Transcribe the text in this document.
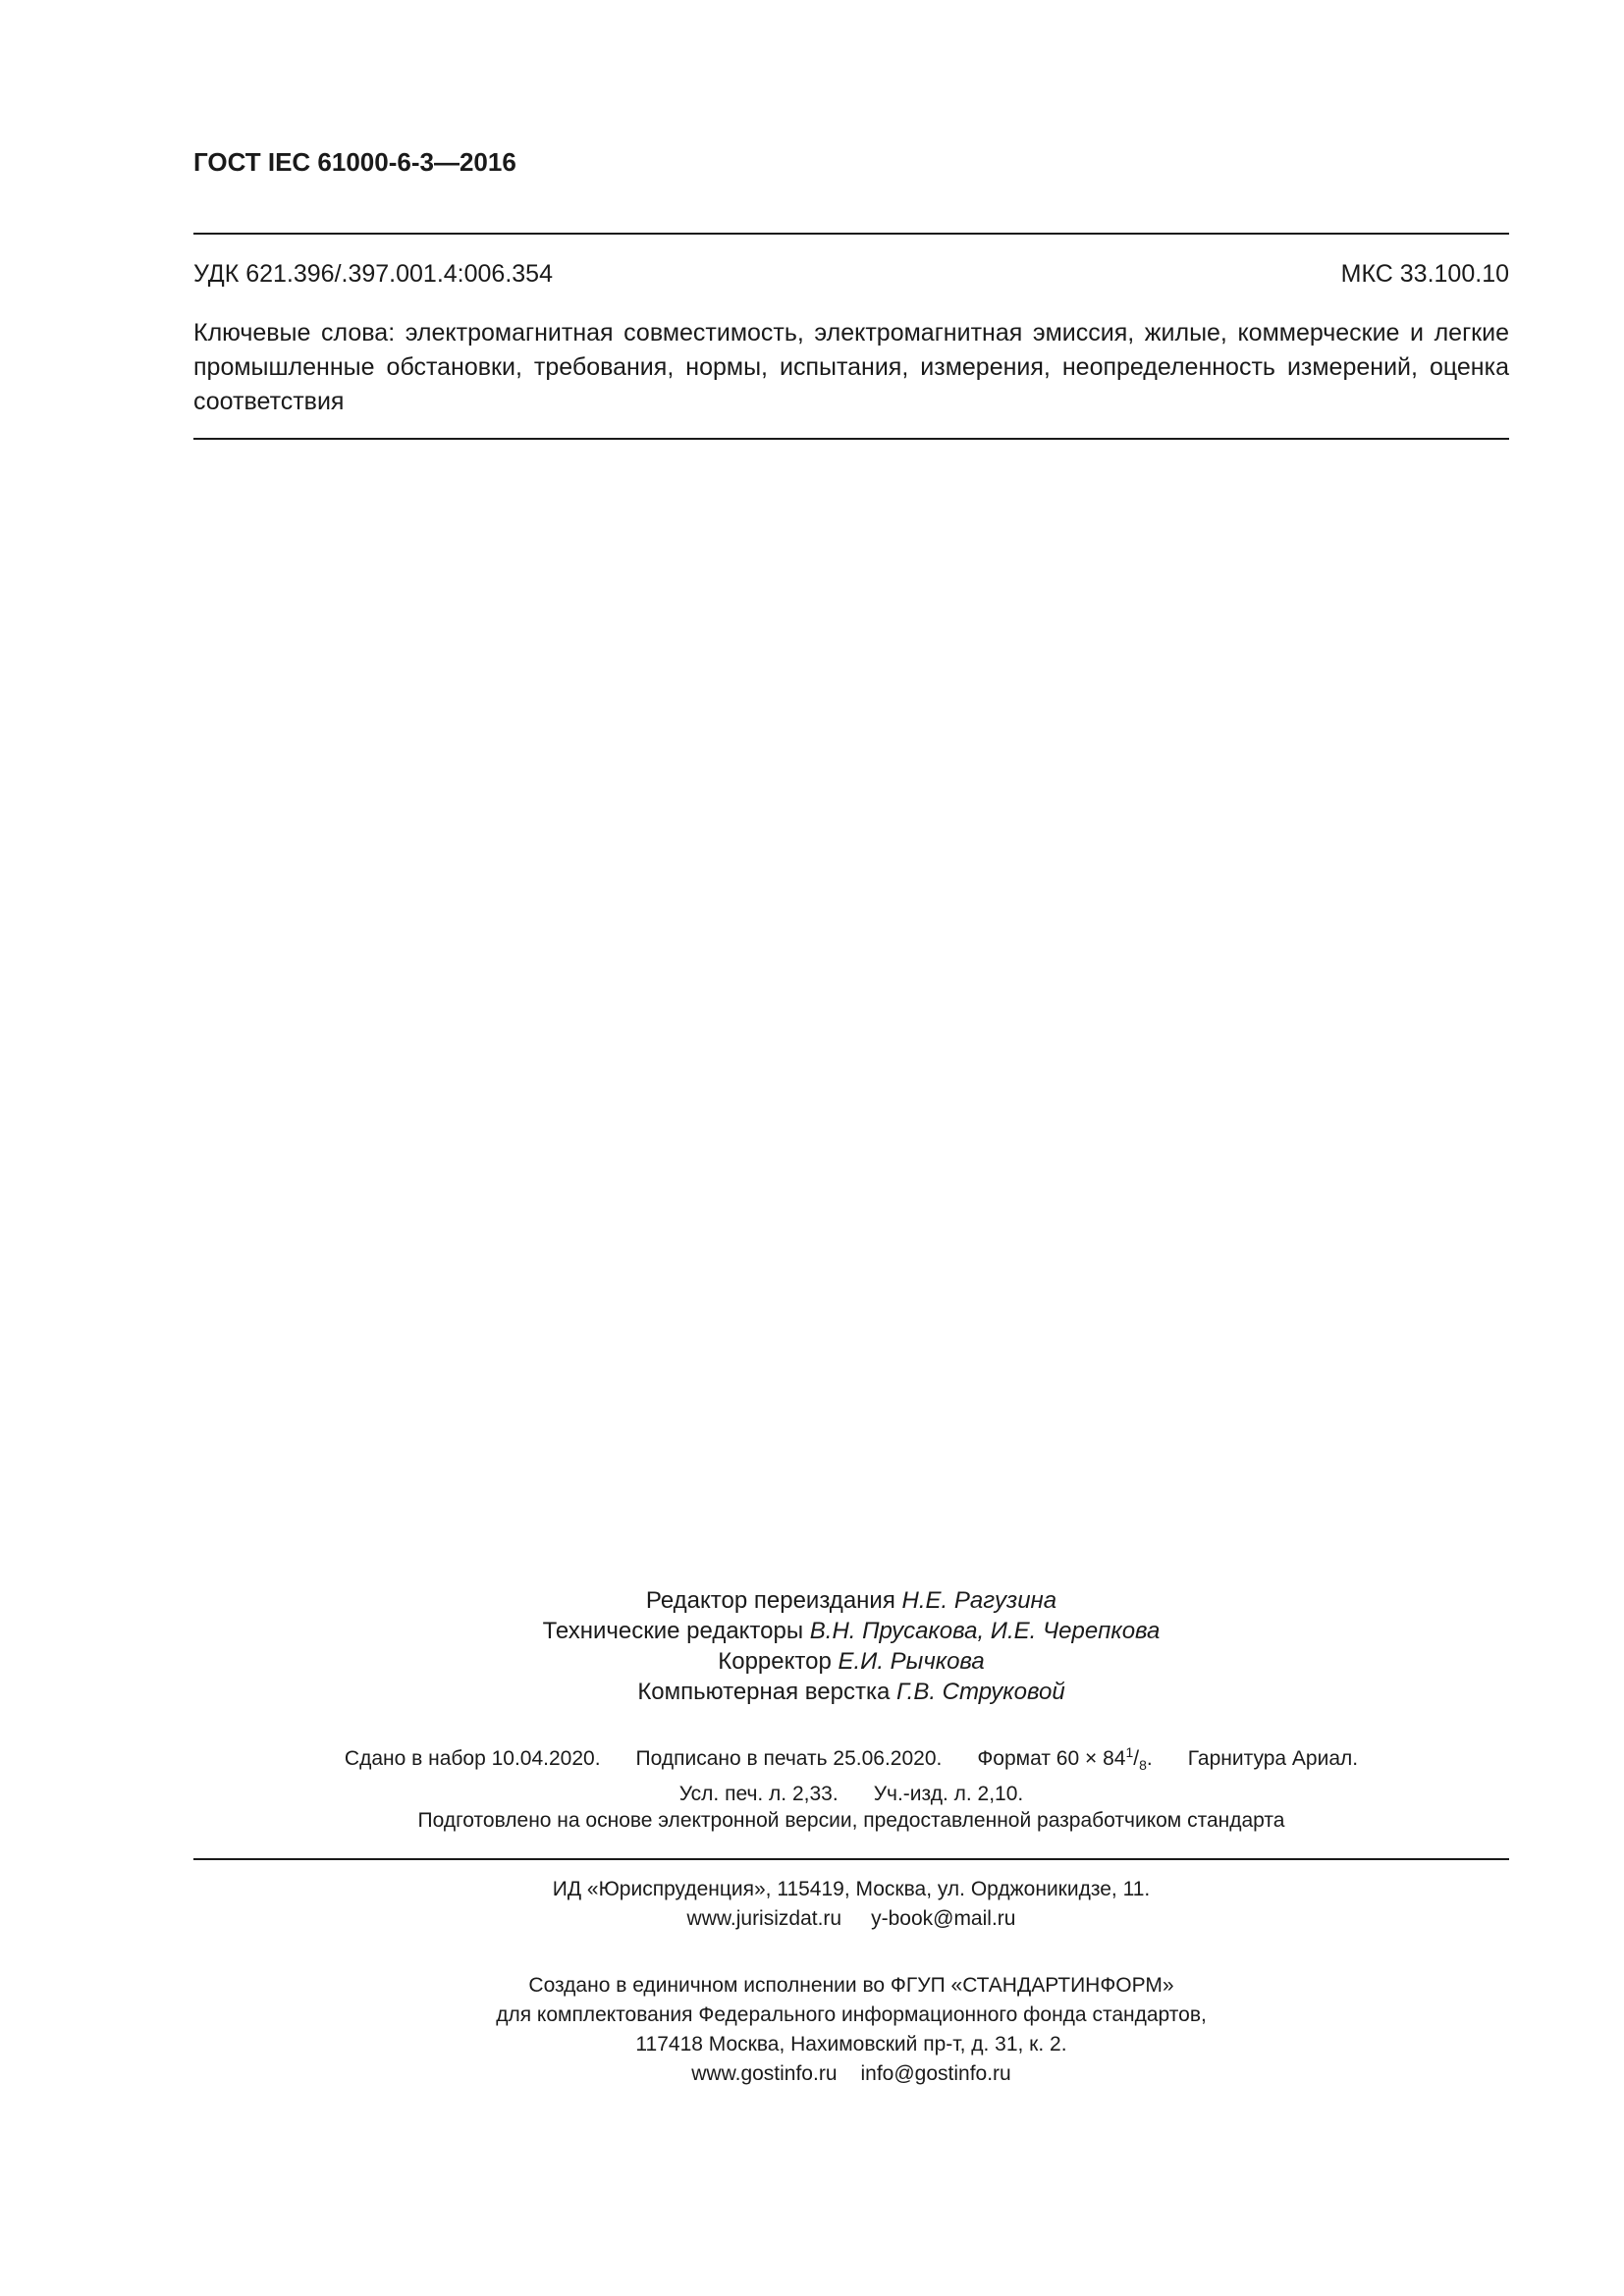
ГОСТ IEC 61000-6-3—2016
УДК 621.396/.397.001.4:006.354	МКС 33.100.10
Ключевые слова: электромагнитная совместимость, электромагнитная эмиссия, жилые, коммерческие и легкие промышленные обстановки, требования, нормы, испытания, измерения, неопределенность измерений, оценка соответствия
Редактор переиздания Н.Е. Рагузина
Технические редакторы В.Н. Прусакова, И.Е. Черепкова
Корректор Е.И. Рычкова
Компьютерная верстка Г.В. Струковой
Сдано в набор 10.04.2020. Подписано в печать 25.06.2020. Формат $60 \times 84^1/_8$. Гарнитура Ариал.
Усл. печ. л. 2,33. Уч.-изд. л. 2,10.
Подготовлено на основе электронной версии, предоставленной разработчиком стандарта
ИД «Юриспруденция», 115419, Москва, ул. Орджоникидзе, 11.
www.jurisizdat.ru y-book@mail.ru
Создано в единичном исполнении во ФГУП «СТАНДАРТИНФОРМ»
для комплектования Федерального информационного фонда стандартов,
117418 Москва, Нахимовский пр-т, д. 31, к. 2.
www.gostinfo.ru info@gostinfo.ru
